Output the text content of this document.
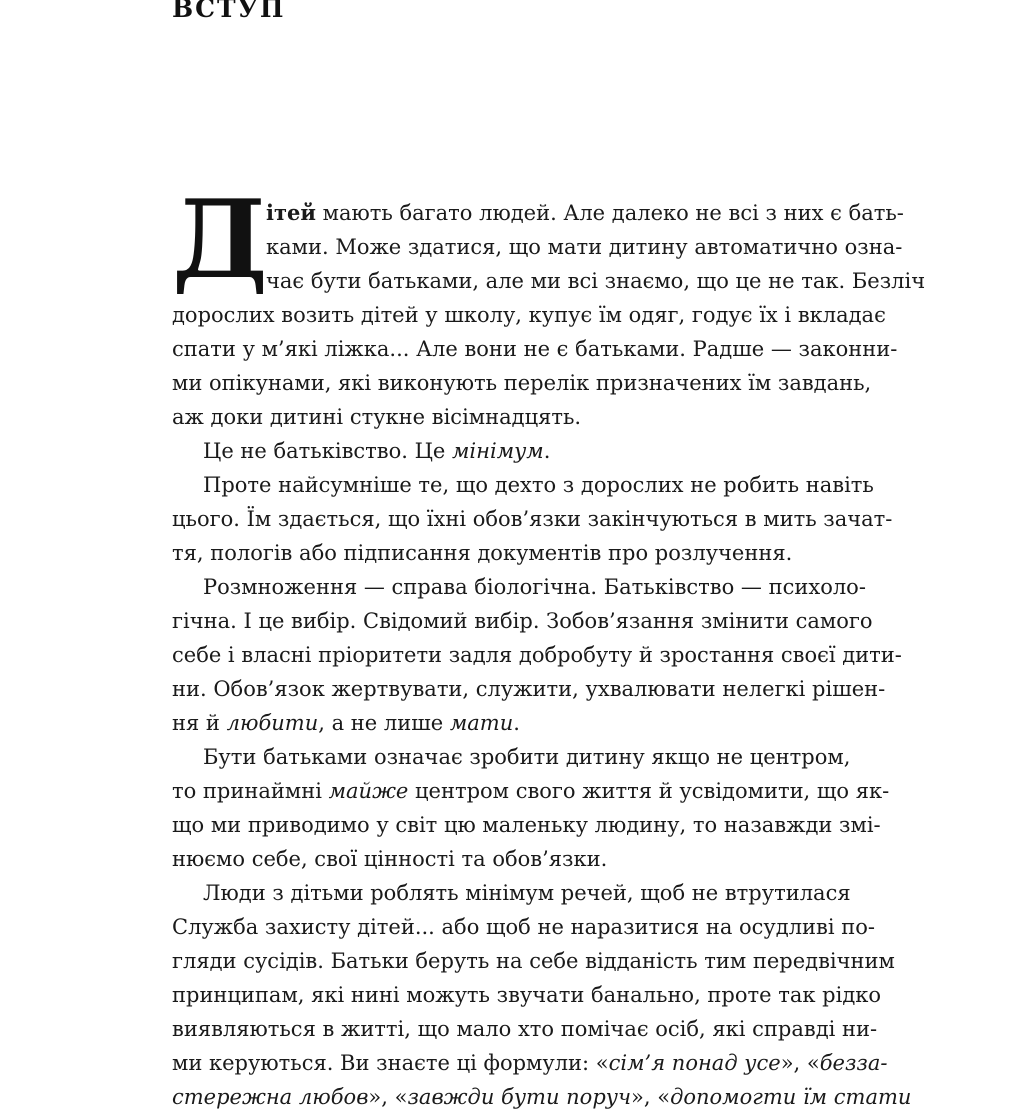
ВСТУП
Д
ітей мають багато людей. Але далеко не всі з них є бать-
ками. Може здатися, що мати дитину автоматично озна-
чає бути батьками, але ми всі знаємо, що це не так. Безліч
дорослих возить дітей у школу, купує їм одяг, годує їх і вкладає
спати у м’які ліжка... Але вони не є батьками. Радше — законни-
ми опікунами, які виконують перелік призначених їм завдань,
аж доки дитині стукне вісімнадцять.
Це не батьківство. Це мінімум.
Проте найсумніше те, що дехто з дорослих не робить навіть
цього. Їм здається, що їхні обов’язки закінчуються в мить зачат-
тя, пологів або підписання документів про розлучення.
Розмноження — справа біологічна. Батьківство — психоло-
гічна. І це вибір. Свідомий вибір. Зобов’язання змінити самого
себе і власні пріоритети задля добробуту й зростання своєї дити-
ни. Обов’язок жертвувати, служити, ухвалювати нелегкі рішен-
ня й любити, а не лише мати.
Бути батьками означає зробити дитину якщо не центром,
то принаймні майже центром свого життя й усвідомити, що як-
що ми приводимо у світ цю маленьку людину, то назавжди змі-
нюємо себе, свої цінності та обов’язки.
Люди з дітьми роблять мінімум речей, щоб не втрутилася
Служба захисту дітей... або щоб не наразитися на осудливі по-
гляди сусідів. Батьки беруть на себе відданість тим передвічним
принципам, які нині можуть звучати банально, проте так рідко
виявляються в житті, що мало хто помічає осіб, які справді ни-
ми керуються. Ви знаєте ці формули: «сім’я понад усе», «безза-
стережна любов», «завжди бути поруч», «допомогти їм стати
